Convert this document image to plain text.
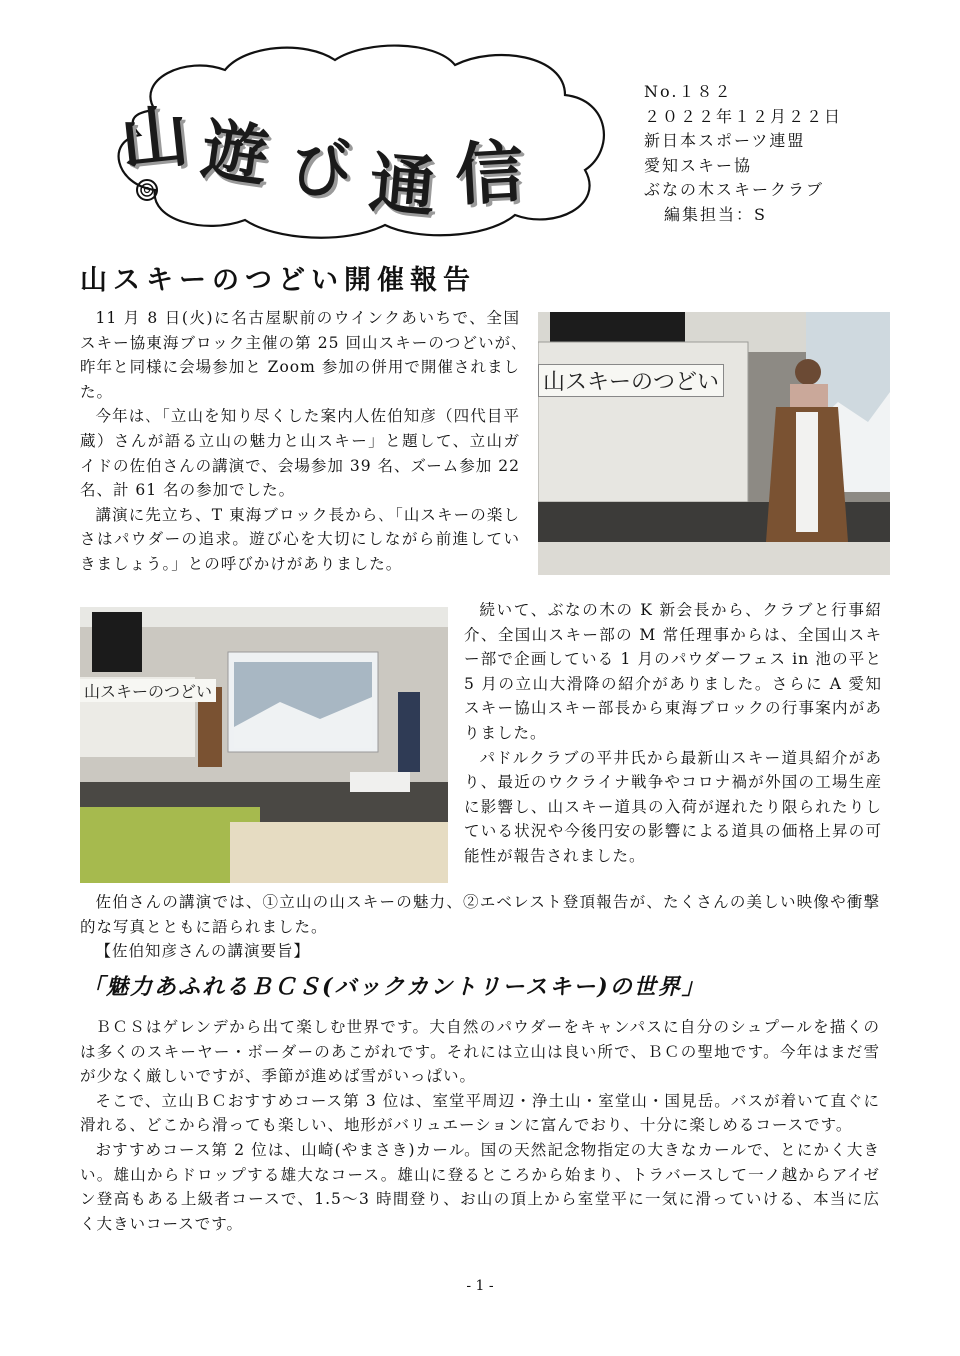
山 遊 び 通 信
No.１８２
２０２２年１２月２２日
新日本スポーツ連盟
愛知スキー協
ぶなの木スキークラブ
編集担当：S
山スキーのつどい開催報告

11 月 8 日(火)に名古屋駅前のウインクあいちで、全国スキー協東海ブロック主催の第 25 回山スキーのつどいが､昨年と同様に会場参加と Zoom 参加の併用で開催されました。

今年は､「立山を知り尽くした案内人佐伯知彦（四代目平蔵）さんが語る立山の魅力と山スキー」と題して、立山ガイドの佐伯さんの講演で、会場参加 39 名、ズーム参加 22 名、計 61 名の参加でした。

講演に先立ち、T 東海ブロック長から､「山スキーの楽しさはパウダーの追求。遊び心を大切にしながら前進していきましょう｡」との呼びかけがありました。

山スキーのつどい
山スキーのつどい

続いて、ぶなの木の K 新会長から、クラブと行事紹介、全国山スキー部の M 常任理事からは、全国山スキー部で企画している 1 月のパウダーフェス in 池の平と 5 月の立山大滑降の紹介がありました。さらに A 愛知スキー協山スキー部長から東海ブロックの行事案内がありました。

パドルクラブの平井氏から最新山スキー道具紹介があり、最近のウクライナ戦争やコロナ禍が外国の工場生産に影響し、山スキー道具の入荷が遅れたり限られたりしている状況や今後円安の影響による道具の価格上昇の可能性が報告されました。

佐伯さんの講演では、①立山の山スキーの魅力、②エベレスト登頂報告が、たくさんの美しい映像や衝撃的な写真とともに語られました。

【佐伯知彦さんの講演要旨】

「魅力あふれるＢＣＳ(バックカントリースキー)の世界」

ＢＣＳはゲレンデから出て楽しむ世界です。大自然のパウダーをキャンパスに自分のシュプールを描くのは多くのスキーヤー・ボーダーのあこがれです。それには立山は良い所で、ＢＣの聖地です。今年はまだ雪が少なく厳しいですが、季節が進めば雪がいっぱい。

そこで、立山ＢＣおすすめコース第 3 位は、室堂平周辺・浄土山・室堂山・国見岳。バスが着いて直ぐに滑れる、どこから滑っても楽しい、地形がバリュエーションに富んでおり、十分に楽しめるコースです。

おすすめコース第 2 位は、山崎(やまさき)カール。国の天然記念物指定の大きなカールで、とにかく大きい。雄山からドロップする雄大なコース。雄山に登るところから始まり、トラバースして一ノ越からアイゼン登高もある上級者コースで、1.5～3 時間登り、お山の頂上から室堂平に一気に滑っていける、本当に広く大きいコースです。

- 1 -
